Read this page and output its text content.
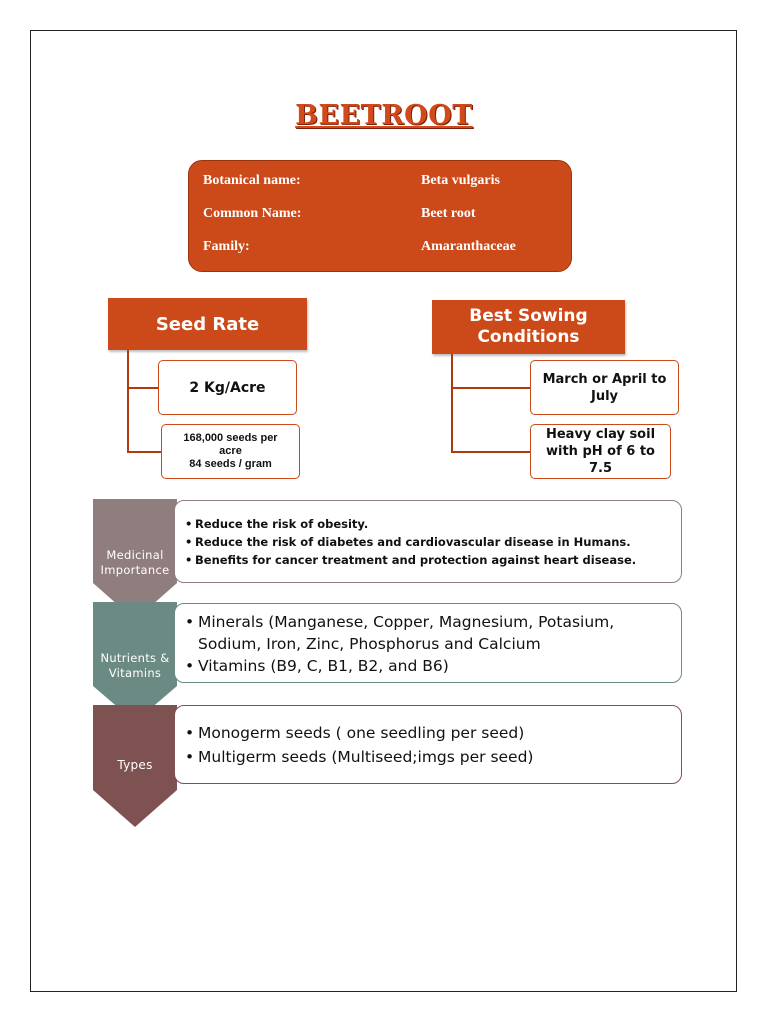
BEETROOT
Botanical name:	Beta vulgaris
Common Name:	Beet root
Family:	Amaranthaceae
Seed Rate
2 Kg/Acre
168,000 seeds per acre
84 seeds / gram
Best Sowing
Conditions
March or April to July
Heavy clay soil with pH of 6 to 7.5
Medicinal
Importance
Nutrients &
Vitamins
Types
• Reduce the risk of obesity.
• Reduce the risk of diabetes and cardiovascular disease in Humans.
• Benefits for cancer treatment and protection against heart disease.
• Minerals (Manganese, Copper, Magnesium, Potasium, Sodium, Iron, Zinc, Phosphorus and Calcium
• Vitamins (B9, C, B1, B2, and B6)
• Monogerm seeds ( one seedling per seed)
• Multigerm seeds (Multiseed;imgs per seed)
